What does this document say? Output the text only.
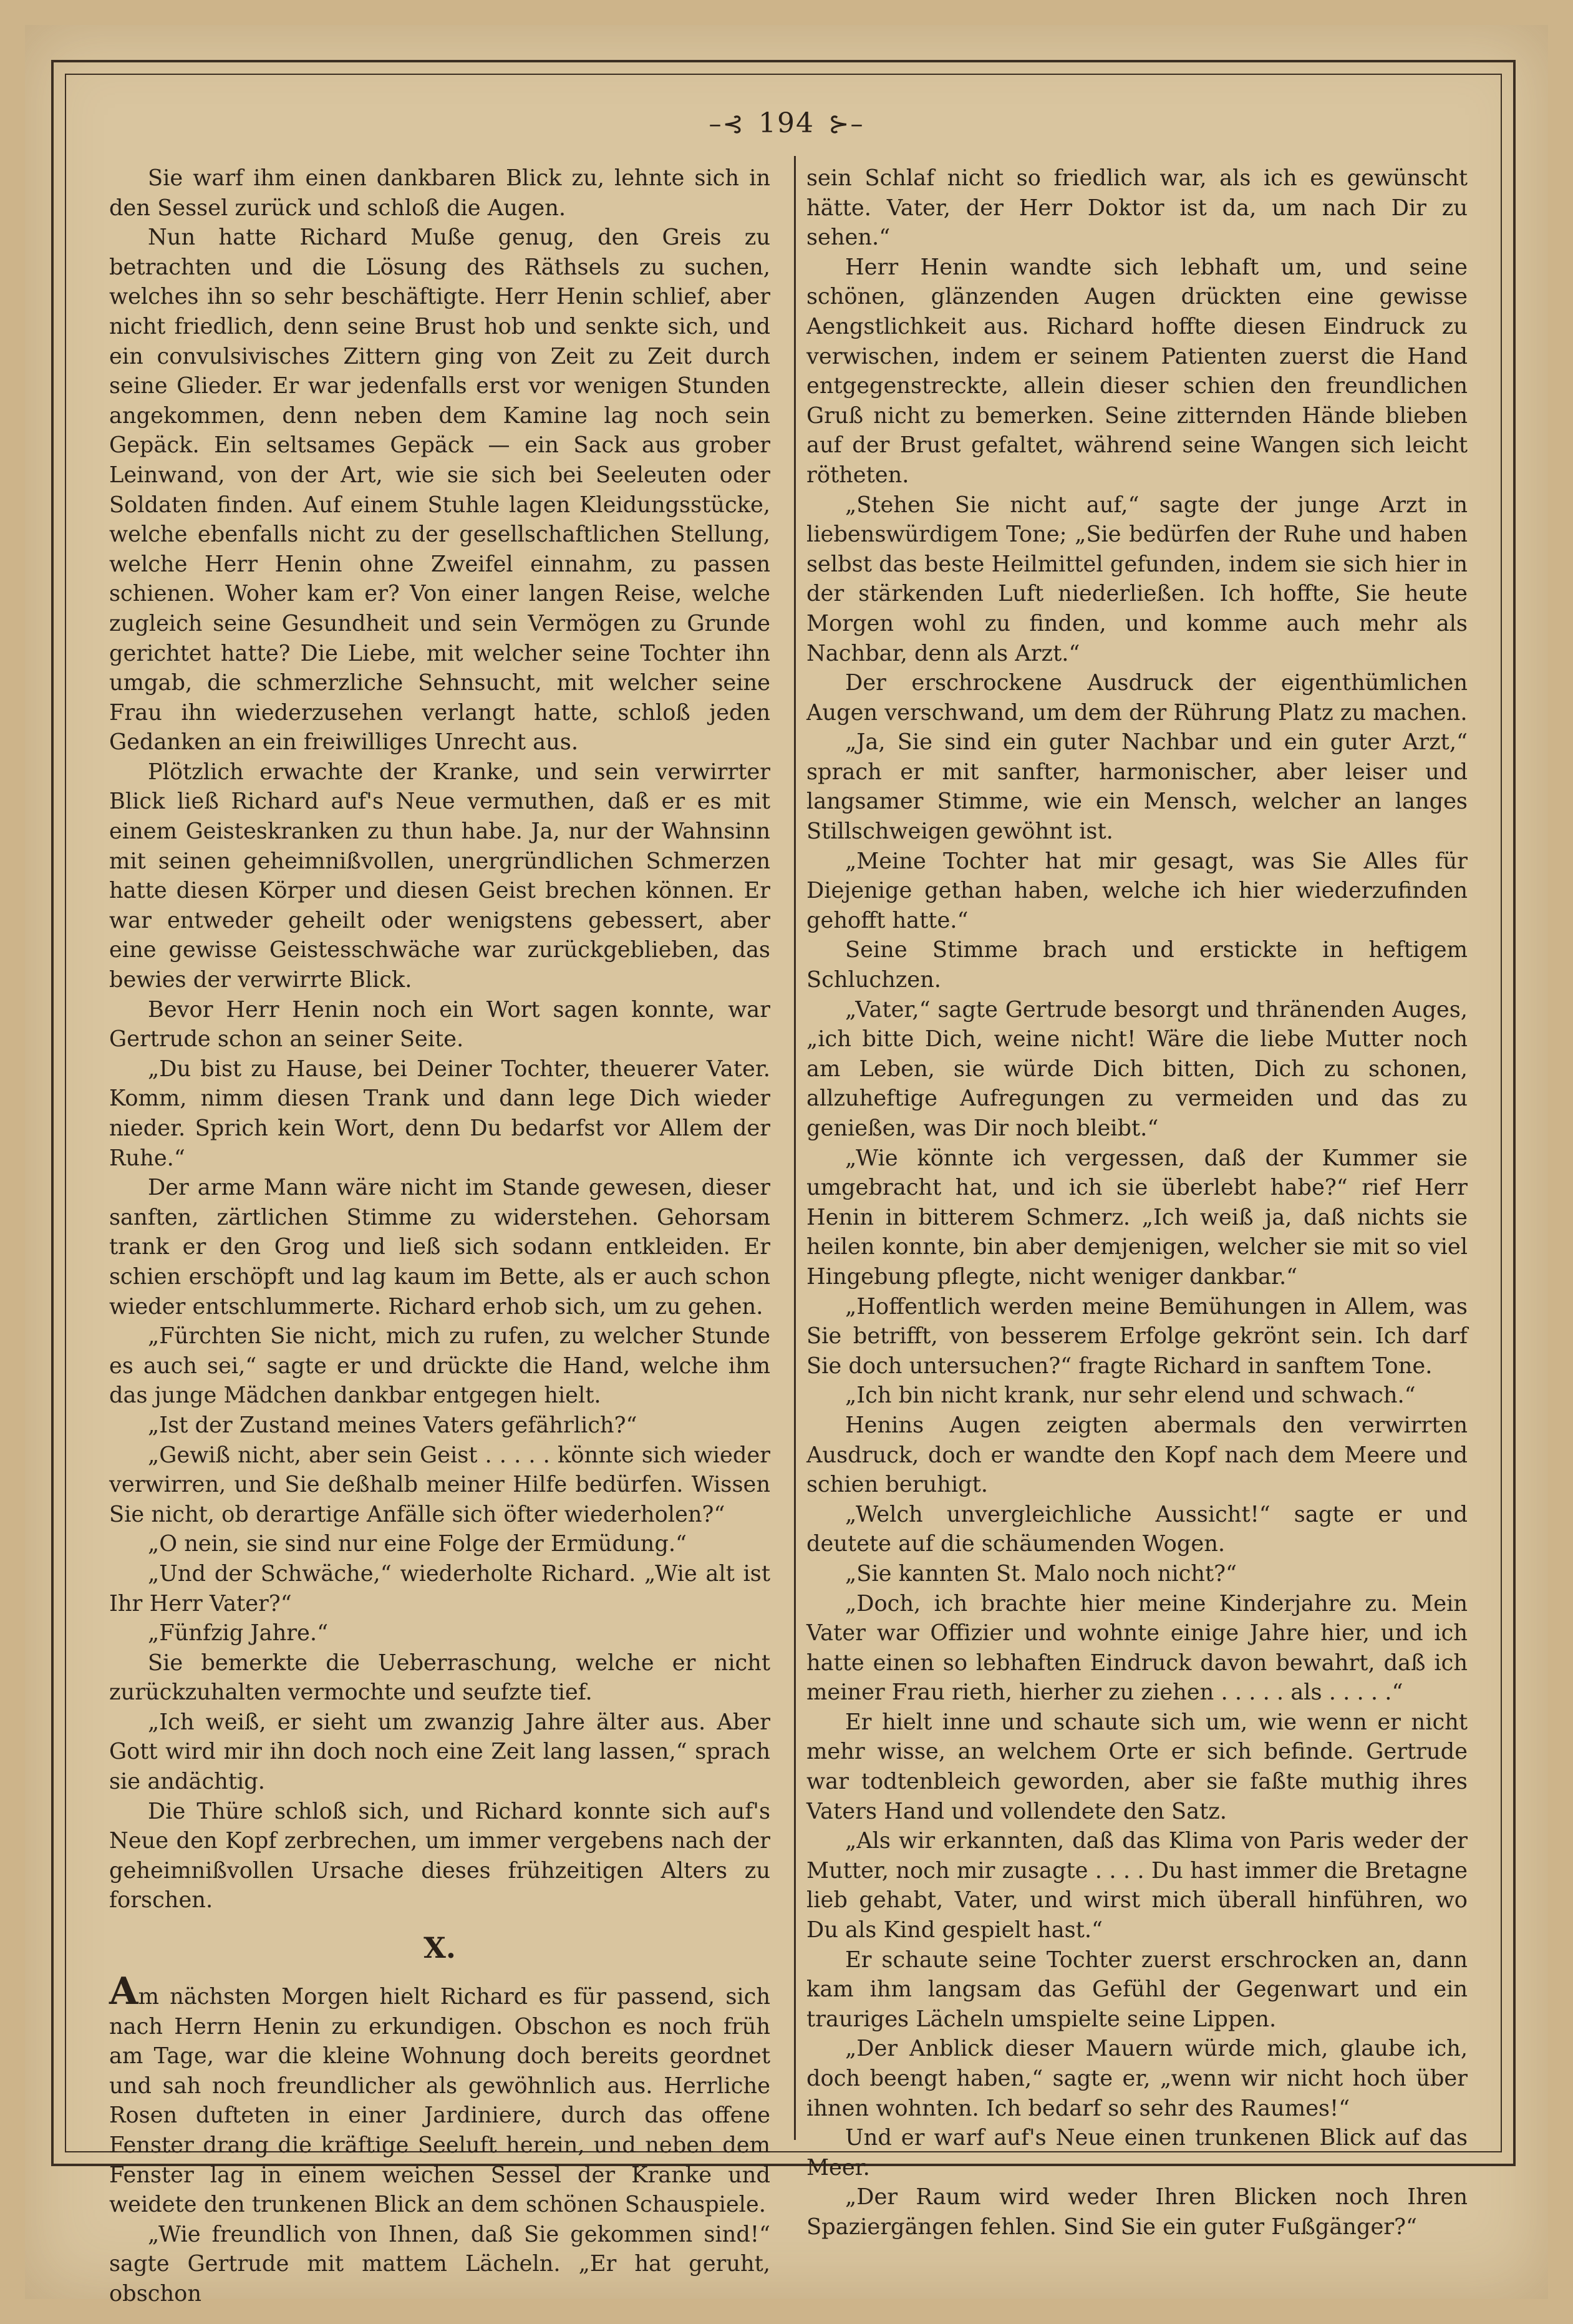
–⊰ 194 ⊱–

Sie warf ihm einen dankbaren Blick zu, lehnte sich in den Sessel zurück und schloß die Augen.

Nun hatte Richard Muße genug, den Greis zu betrachten und die Lösung des Räthsels zu suchen, welches ihn so sehr beschäftigte. Herr Henin schlief, aber nicht friedlich, denn seine Brust hob und senkte sich, und ein convulsivisches Zittern ging von Zeit zu Zeit durch seine Glieder. Er war jedenfalls erst vor wenigen Stunden angekommen, denn neben dem Kamine lag noch sein Gepäck. Ein seltsames Gepäck — ein Sack aus grober Leinwand, von der Art, wie sie sich bei Seeleuten oder Soldaten finden. Auf einem Stuhle lagen Kleidungsstücke, welche ebenfalls nicht zu der gesellschaftlichen Stellung, welche Herr Henin ohne Zweifel einnahm, zu passen schienen. Woher kam er? Von einer langen Reise, welche zugleich seine Gesundheit und sein Vermögen zu Grunde gerichtet hatte? Die Liebe, mit welcher seine Tochter ihn umgab, die schmerzliche Sehnsucht, mit welcher seine Frau ihn wiederzusehen verlangt hatte, schloß jeden Gedanken an ein freiwilliges Unrecht aus.

Plötzlich erwachte der Kranke, und sein verwirrter Blick ließ Richard auf's Neue vermuthen, daß er es mit einem Geisteskranken zu thun habe. Ja, nur der Wahnsinn mit seinen geheimnißvollen, unergründlichen Schmerzen hatte diesen Körper und diesen Geist brechen können. Er war entweder geheilt oder wenigstens gebessert, aber eine gewisse Geistesschwäche war zurückgeblieben, das bewies der verwirrte Blick.

Bevor Herr Henin noch ein Wort sagen konnte, war Gertrude schon an seiner Seite.

„Du bist zu Hause, bei Deiner Tochter, theuerer Vater. Komm, nimm diesen Trank und dann lege Dich wieder nieder. Sprich kein Wort, denn Du bedarfst vor Allem der Ruhe.“

Der arme Mann wäre nicht im Stande gewesen, dieser sanften, zärtlichen Stimme zu widerstehen. Gehorsam trank er den Grog und ließ sich sodann entkleiden. Er schien erschöpft und lag kaum im Bette, als er auch schon wieder entschlummerte. Richard erhob sich, um zu gehen.

„Fürchten Sie nicht, mich zu rufen, zu welcher Stunde es auch sei,“ sagte er und drückte die Hand, welche ihm das junge Mädchen dankbar entgegen hielt.

„Ist der Zustand meines Vaters gefährlich?“

„Gewiß nicht, aber sein Geist . . . . . könnte sich wieder verwirren, und Sie deßhalb meiner Hilfe bedürfen. Wissen Sie nicht, ob derartige Anfälle sich öfter wiederholen?“

„O nein, sie sind nur eine Folge der Ermüdung.“

„Und der Schwäche,“ wiederholte Richard. „Wie alt ist Ihr Herr Vater?“

„Fünfzig Jahre.“

Sie bemerkte die Ueberraschung, welche er nicht zurückzuhalten vermochte und seufzte tief.

„Ich weiß, er sieht um zwanzig Jahre älter aus. Aber Gott wird mir ihn doch noch eine Zeit lang lassen,“ sprach sie andächtig.

Die Thüre schloß sich, und Richard konnte sich auf's Neue den Kopf zerbrechen, um immer vergebens nach der geheimnißvollen Ursache dieses frühzeitigen Alters zu forschen.

X.

Am nächsten Morgen hielt Richard es für passend, sich nach Herrn Henin zu erkundigen. Obschon es noch früh am Tage, war die kleine Wohnung doch bereits geordnet und sah noch freundlicher als gewöhnlich aus. Herrliche Rosen dufteten in einer Jardiniere, durch das offene Fenster drang die kräftige Seeluft herein, und neben dem Fenster lag in einem weichen Sessel der Kranke und weidete den trunkenen Blick an dem schönen Schauspiele.

„Wie freundlich von Ihnen, daß Sie gekommen sind!“ sagte Gertrude mit mattem Lächeln. „Er hat geruht, obschon

sein Schlaf nicht so friedlich war, als ich es gewünscht hätte. Vater, der Herr Doktor ist da, um nach Dir zu sehen.“

Herr Henin wandte sich lebhaft um, und seine schönen, glänzenden Augen drückten eine gewisse Aengstlichkeit aus. Richard hoffte diesen Eindruck zu verwischen, indem er seinem Patienten zuerst die Hand entgegenstreckte, allein dieser schien den freundlichen Gruß nicht zu bemerken. Seine zitternden Hände blieben auf der Brust gefaltet, während seine Wangen sich leicht rötheten.

„Stehen Sie nicht auf,“ sagte der junge Arzt in liebenswürdigem Tone; „Sie bedürfen der Ruhe und haben selbst das beste Heilmittel gefunden, indem sie sich hier in der stärkenden Luft niederließen. Ich hoffte, Sie heute Morgen wohl zu finden, und komme auch mehr als Nachbar, denn als Arzt.“

Der erschrockene Ausdruck der eigenthümlichen Augen verschwand, um dem der Rührung Platz zu machen.

„Ja, Sie sind ein guter Nachbar und ein guter Arzt,“ sprach er mit sanfter, harmonischer, aber leiser und langsamer Stimme, wie ein Mensch, welcher an langes Stillschweigen gewöhnt ist.

„Meine Tochter hat mir gesagt, was Sie Alles für Diejenige gethan haben, welche ich hier wiederzufinden gehofft hatte.“

Seine Stimme brach und erstickte in heftigem Schluchzen.

„Vater,“ sagte Gertrude besorgt und thränenden Auges, „ich bitte Dich, weine nicht! Wäre die liebe Mutter noch am Leben, sie würde Dich bitten, Dich zu schonen, allzuheftige Aufregungen zu vermeiden und das zu genießen, was Dir noch bleibt.“

„Wie könnte ich vergessen, daß der Kummer sie umgebracht hat, und ich sie überlebt habe?“ rief Herr Henin in bitterem Schmerz. „Ich weiß ja, daß nichts sie heilen konnte, bin aber demjenigen, welcher sie mit so viel Hingebung pflegte, nicht weniger dankbar.“

„Hoffentlich werden meine Bemühungen in Allem, was Sie betrifft, von besserem Erfolge gekrönt sein. Ich darf Sie doch untersuchen?“ fragte Richard in sanftem Tone.

„Ich bin nicht krank, nur sehr elend und schwach.“

Henins Augen zeigten abermals den verwirrten Ausdruck, doch er wandte den Kopf nach dem Meere und schien beruhigt.

„Welch unvergleichliche Aussicht!“ sagte er und deutete auf die schäumenden Wogen.

„Sie kannten St. Malo noch nicht?“

„Doch, ich brachte hier meine Kinderjahre zu. Mein Vater war Offizier und wohnte einige Jahre hier, und ich hatte einen so lebhaften Eindruck davon bewahrt, daß ich meiner Frau rieth, hierher zu ziehen . . . . . als . . . . .“

Er hielt inne und schaute sich um, wie wenn er nicht mehr wisse, an welchem Orte er sich befinde. Gertrude war todtenbleich geworden, aber sie faßte muthig ihres Vaters Hand und vollendete den Satz.

„Als wir erkannten, daß das Klima von Paris weder der Mutter, noch mir zusagte . . . . Du hast immer die Bretagne lieb gehabt, Vater, und wirst mich überall hinführen, wo Du als Kind gespielt hast.“

Er schaute seine Tochter zuerst erschrocken an, dann kam ihm langsam das Gefühl der Gegenwart und ein trauriges Lächeln umspielte seine Lippen.

„Der Anblick dieser Mauern würde mich, glaube ich, doch beengt haben,“ sagte er, „wenn wir nicht hoch über ihnen wohnten. Ich bedarf so sehr des Raumes!“

Und er warf auf's Neue einen trunkenen Blick auf das Meer.

„Der Raum wird weder Ihren Blicken noch Ihren Spaziergängen fehlen. Sind Sie ein guter Fußgänger?“
